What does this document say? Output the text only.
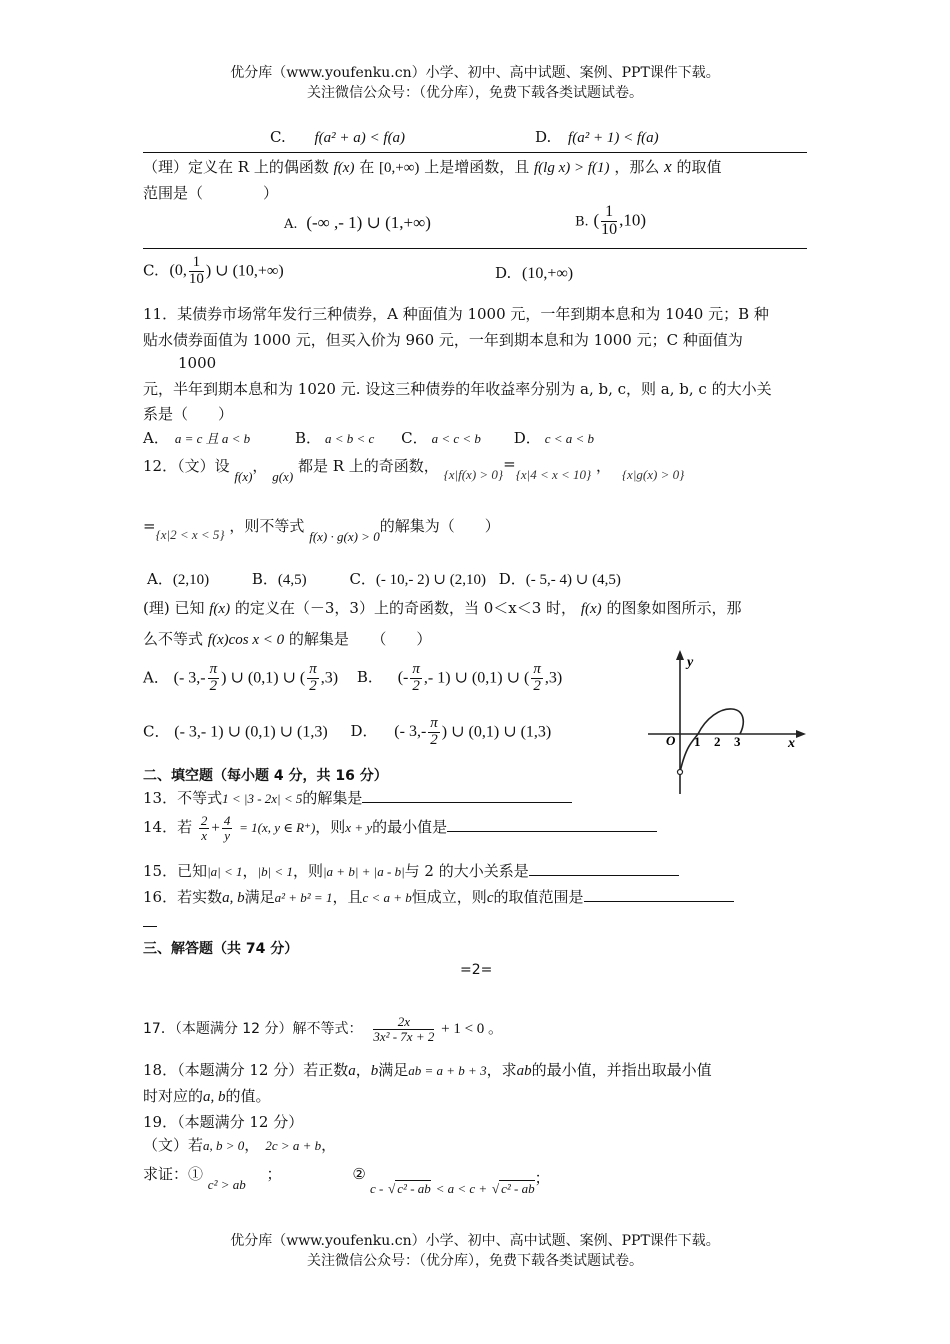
优分库（www.youfenku.cn）小学、初中、高中试题、案例、PPT课件下载。
关注微信公众号：（优分库），免费下载各类试题试卷。
C. f(a² + a) < f(a)	D. f(a² + 1) < f(a)
（理）定义在 R 上的偶函数 f(x) 在 [0,+∞) 上是增函数，且 f(lg x) > f(1) ，那么 x 的取值
范围是（　　　　）
A. (-∞ ,- 1) ∪ (1,+∞)	B. ( $\frac{1}{10} ,10$)
C. (0, $\frac{1}{10}$ ) ∪ (10,+∞)	D. (10,+∞)
11．某债券市场常年发行三种债券，A 种面值为 1000 元，一年到期本息和为 1040 元；B 种
贴水债券面值为 1000 元，但买入价为 960 元，一年到期本息和为 1000 元；C 种面值为
1000
元，半年到期本息和为 1020 元. 设这三种债券的年收益率分别为 a, b, c，则 a, b, c 的大小关
系是（　　）
A． a = c 且 a < b	B． a < b < c C． a < c < b D． c < a < b
12．（文）设 f(x)， g(x) 都是 R 上的奇函数， {x|f(x) > 0}={x|4 < x < 10} ， {x|g(x) > 0}
={x|2 < x < 5} ，则不等式 f(x) · g(x) > 0的解集为（　　）
A．(2,10)	B．(4,5)	C．(- 10,- 2) ∪ (2,10) D．(- 5,- 4) ∪ (4,5)
(理) 已知 f(x) 的定义在（－3，3）上的奇函数，当 0＜x＜3 时， f(x) 的图象如图所示，那
么不等式 f(x)cos x < 0 的解集是　　（　　）
A． (- $3,- \frac{\pi}{2}$ ) ∪ (0,1) ∪ ( $\frac{\pi}{2} ,3$) B． (- $\frac{\pi}{2}$ ,- 1) ∪ (0,1) ∪ ( $\frac{\pi}{2} ,3$)
C． (- 3,- 1) ∪ (0,1) ∪ (1,3) D． (- $3,- \frac{\pi}{2}$ ) ∪ (0,1) ∪ (1,3)
y
x
O 1 2 3
二、填空题（每小题 4 分，共 16 分）
13．不等式1 < |3 - 2x| < 5的解集是
14．若 $\frac{2}{x} + \frac{4}{y} = 1(x$, y ∈ R⁺)，则x + y的最小值是
15．已知|a| < 1，|b| < 1，则|a + b| + |a - b|与 2 的大小关系是
16．若实数a, b满足a² + b² = 1，且c < a + b恒成立，则c的取值范围是
三、解答题（共 74 分）
=2=
17．（本题满分 12 分）解不等式： $\frac{2x}{\text{3x² - 7x + 2}} + 1 < 0$ 。
18．（本题满分 12 分）若正数a，b满足ab = a + b + 3，求ab的最小值，并指出取最小值
时对应的a, b的值。
19．（本题满分 12 分）
（文）若a, b > 0， 2c > a + b，
求证：① c² > ab ；	②
c - √ c² - ab < a < c + √ c² - ab；
优分库（www.youfenku.cn）小学、初中、高中试题、案例、PPT课件下载。
关注微信公众号：（优分库），免费下载各类试题试卷。
